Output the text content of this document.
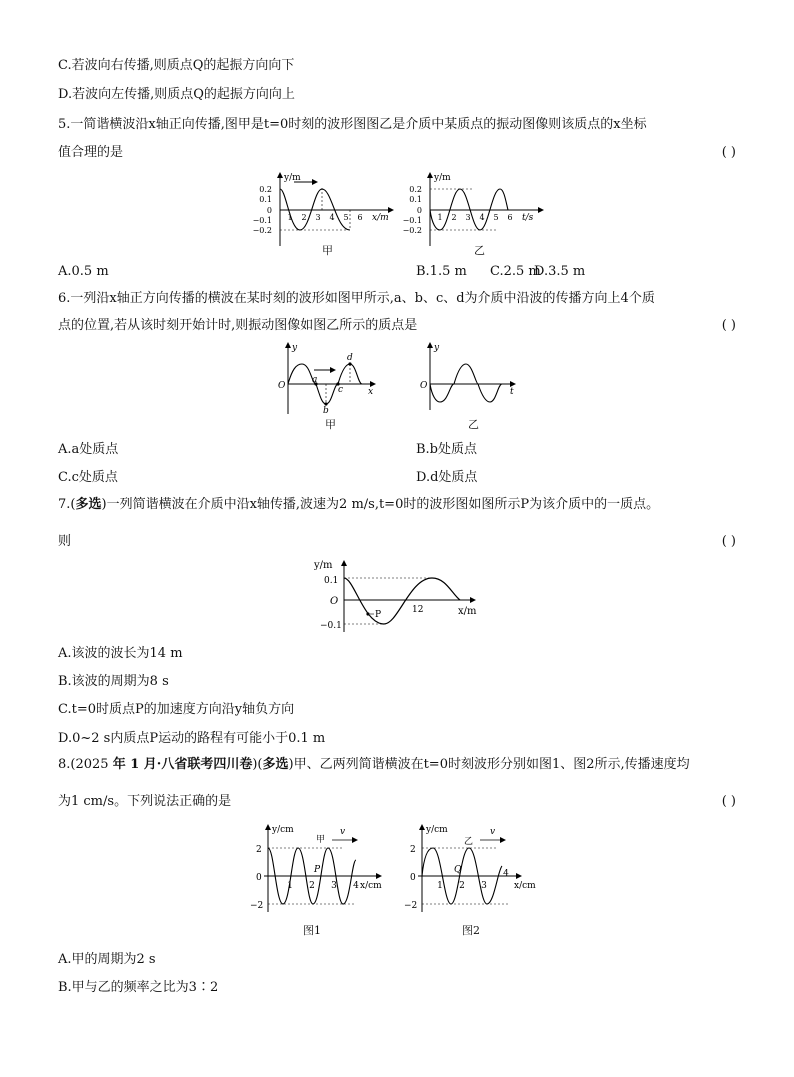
C.若波向右传播,则质点Q的起振方向向下
D.若波向左传播,则质点Q的起振方向向上
5.一简谐横波沿x轴正向传播,图甲是t=0时刻的波形图图乙是介质中某质点的振动图像则该质点的x坐标
值合理的是	( )
y/m
x/m
0.2
0.1
0
−0.1
−0.2
1 2 3 4 5 6
甲
y/m
t/s
0.2
0.1
0
−0.1
−0.2
1 2 3 4 5 6
乙
A.0.5 m	B.1.5 m C.2.5 m
D.3.5 m
6.一列沿x轴正方向传播的横波在某时刻的波形如图甲所示,a、b、c、d为介质中沿波的传播方向上4个质
点的位置,若从该时刻开始计时,则振动图像如图乙所示的质点是	( )
y
x
O
a
b
c
d
甲
y
t
O
乙
A.a处质点	B.b处质点
C.c处质点	D.d处质点
7.(多选)一列简谐横波在介质中沿x轴传播,波速为2 m/s,t=0时的波形图如图所示P为该介质中的一质点。
则	( )
y/m
x/m
O
0.1
−0.1
12
P
A.该波的波长为14 m
B.该波的周期为8 s
C.t=0时质点P的加速度方向沿y轴负方向
D.0~2 s内质点P运动的路程有可能小于0.1 m
8.(2025 年 1 月·八省联考四川卷)(多选)甲、乙两列简谐横波在t=0时刻波形分别如图1、图2所示,传播速度均
为1 cm/s。下列说法正确的是	( )
y/cm
x/cm
2
0
−2
1 2 3 4
甲
v
P
图1
y/cm
x/cm
2
0
−2
1 2 3
4
乙
v
Q
图2
A.甲的周期为2 s
B.甲与乙的频率之比为3∶2
